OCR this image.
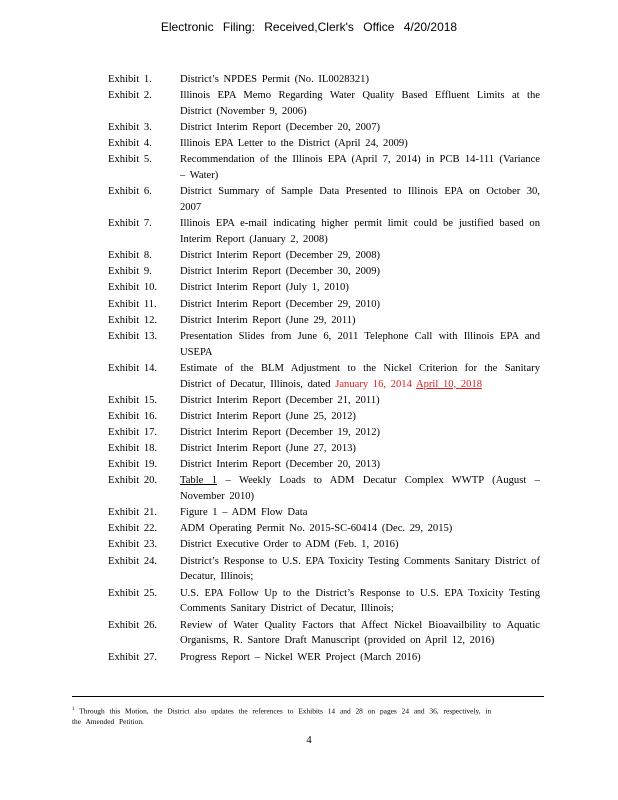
Electronic Filing: Received,Clerk's Office 4/20/2018
Exhibit 1.	District’s NPDES Permit (No. IL0028321)
Exhibit 2.	Illinois EPA Memo Regarding Water Quality Based Effluent Limits at the District (November 9, 2006)
Exhibit 3.	District Interim Report (December 20, 2007)
Exhibit 4.	Illinois EPA Letter to the District (April 24, 2009)
Exhibit 5.	Recommendation of the Illinois EPA (April 7, 2014) in PCB 14-111 (Variance – Water)
Exhibit 6.	District Summary of Sample Data Presented to Illinois EPA on October 30, 2007
Exhibit 7.	Illinois EPA e-mail indicating higher permit limit could be justified based on Interim Report (January 2, 2008)
Exhibit 8.	District Interim Report (December 29, 2008)
Exhibit 9.	District Interim Report (December 30, 2009)
Exhibit 10.	District Interim Report (July 1, 2010)
Exhibit 11.	District Interim Report (December 29, 2010)
Exhibit 12.	District Interim Report (June 29, 2011)
Exhibit 13.	Presentation Slides from June 6, 2011 Telephone Call with Illinois EPA and USEPA
Exhibit 14.	Estimate of the BLM Adjustment to the Nickel Criterion for the Sanitary District of Decatur, Illinois, dated January 16, 2014 April 10, 2018
Exhibit 15.	District Interim Report (December 21, 2011)
Exhibit 16.	District Interim Report (June 25, 2012)
Exhibit 17.	District Interim Report (December 19, 2012)
Exhibit 18.	District Interim Report (June 27, 2013)
Exhibit 19.	District Interim Report (December 20, 2013)
Exhibit 20.	Table 1 – Weekly Loads to ADM Decatur Complex WWTP (August – November 2010)
Exhibit 21.	Figure 1 – ADM Flow Data
Exhibit 22.	ADM Operating Permit No. 2015-SC-60414 (Dec. 29, 2015)
Exhibit 23.	District Executive Order to ADM (Feb. 1, 2016)
Exhibit 24.	District’s Response to U.S. EPA Toxicity Testing Comments Sanitary District of Decatur, Illinois;
Exhibit 25.	U.S. EPA Follow Up to the District’s Response to U.S. EPA Toxicity Testing Comments Sanitary District of Decatur, Illinois;
Exhibit 26.	Review of Water Quality Factors that Affect Nickel Bioavailbility to Aquatic Organisms, R. Santore Draft Manuscript (provided on April 12, 2016)
Exhibit 27.	Progress Report – Nickel WER Project (March 2016)
$^1$ Through this Motion, the District also updates the references to Exhibits 14 and 28 on pages 24 and 36, respectively, in the Amended Petition.
4
